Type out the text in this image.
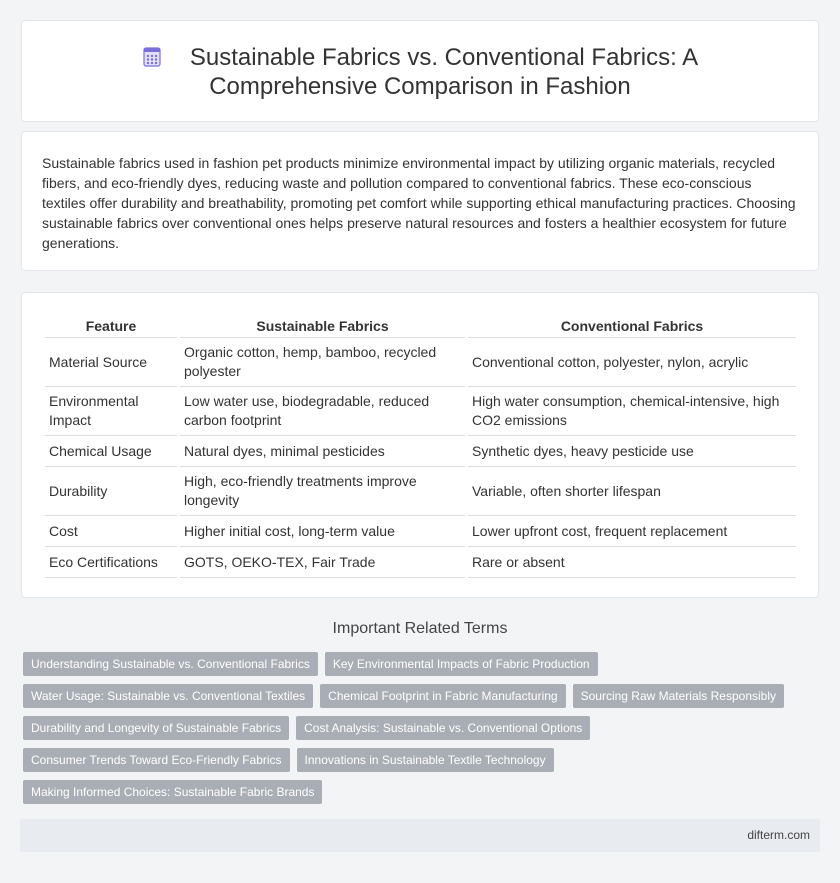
Sustainable Fabrics vs. Conventional Fabrics: A Comprehensive Comparison in Fashion

Sustainable fabrics used in fashion pet products minimize environmental impact by utilizing organic materials, recycled fibers, and eco-friendly dyes, reducing waste and pollution compared to conventional fabrics. These eco-conscious textiles offer durability and breathability, promoting pet comfort while supporting ethical manufacturing practices. Choosing sustainable fabrics over conventional ones helps preserve natural resources and fosters a healthier ecosystem for future generations.

Feature	Sustainable Fabrics	Conventional Fabrics
Material Source	Organic cotton, hemp, bamboo, recycled polyester	Conventional cotton, polyester, nylon, acrylic
Environmental Impact	Low water use, biodegradable, reduced carbon footprint	High water consumption, chemical-intensive, high CO2 emissions
Chemical Usage	Natural dyes, minimal pesticides	Synthetic dyes, heavy pesticide use
Durability	High, eco-friendly treatments improve longevity	Variable, often shorter lifespan
Cost	Higher initial cost, long-term value	Lower upfront cost, frequent replacement
Eco Certifications	GOTS, OEKO-TEX, Fair Trade	Rare or absent
Important Related Terms
Understanding Sustainable vs. Conventional Fabrics	Key Environmental Impacts of Fabric Production
Water Usage: Sustainable vs. Conventional Textiles	Chemical Footprint in Fabric Manufacturing	Sourcing Raw Materials Responsibly
Durability and Longevity of Sustainable Fabrics	Cost Analysis: Sustainable vs. Conventional Options
Consumer Trends Toward Eco-Friendly Fabrics	Innovations in Sustainable Textile Technology
Making Informed Choices: Sustainable Fabric Brands
difterm.com
